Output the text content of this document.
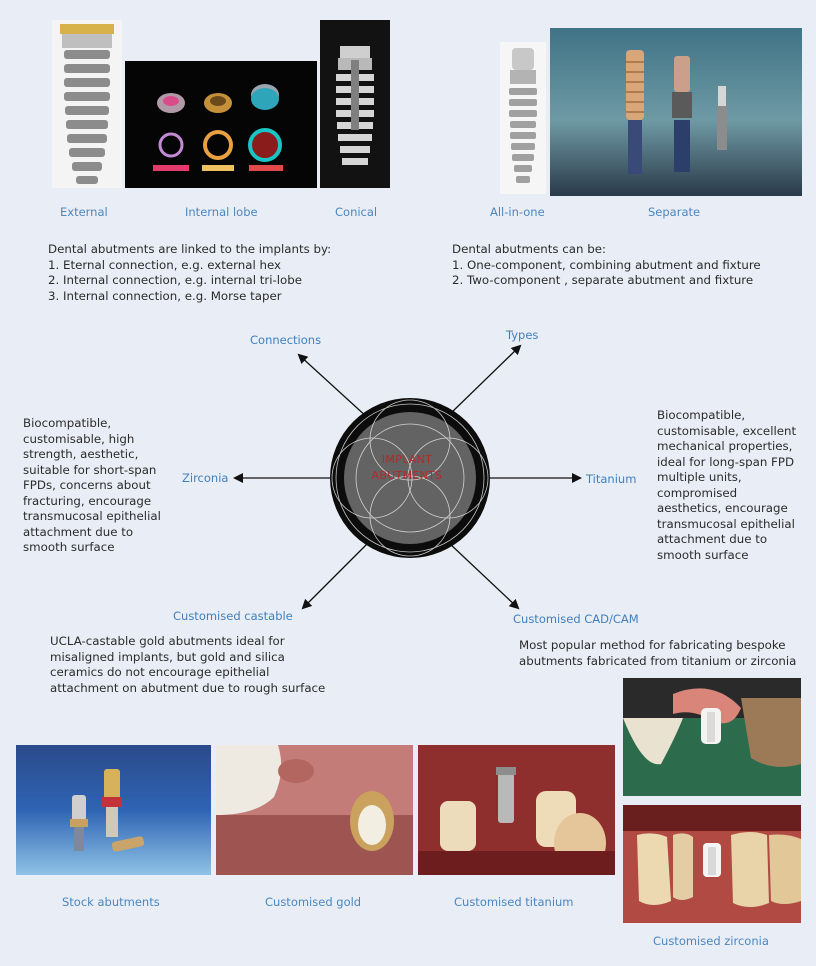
External	Internal lobe	Conical	All-in-one	Separate
Dental abutments are linked to the implants by:
1. Eternal connection, e.g. external hex
2. Internal connection, e.g. internal tri-lobe
3. Internal connection, e.g. Morse taper
Dental abutments can be:
1. One-component, combining abutment and fixture
2. Two-component , separate abutment and fixture
IMPLANT
ABUTMENTS
Connections	Types
Zirconia	Titanium
Customised castable	Customised CAD/CAM
Biocompatible,
customisable, high
strength, aesthetic,
suitable for short-span
FPDs, concerns about
fracturing, encourage
transmucosal epithelial
attachment due to
smooth surface
Biocompatible,
customisable, excellent
mechanical properties,
ideal for long-span FPD
multiple units,
compromised
aesthetics, encourage
transmucosal epithelial
attachment due to
smooth surface
UCLA-castable gold abutments ideal for
misaligned implants, but gold and silica
ceramics do not encourage epithelial
attachment on abutment due to rough surface
Most popular method for fabricating bespoke
abutments fabricated from titanium or zirconia
Stock abutments	Customised gold	Customised titanium
Customised zirconia
